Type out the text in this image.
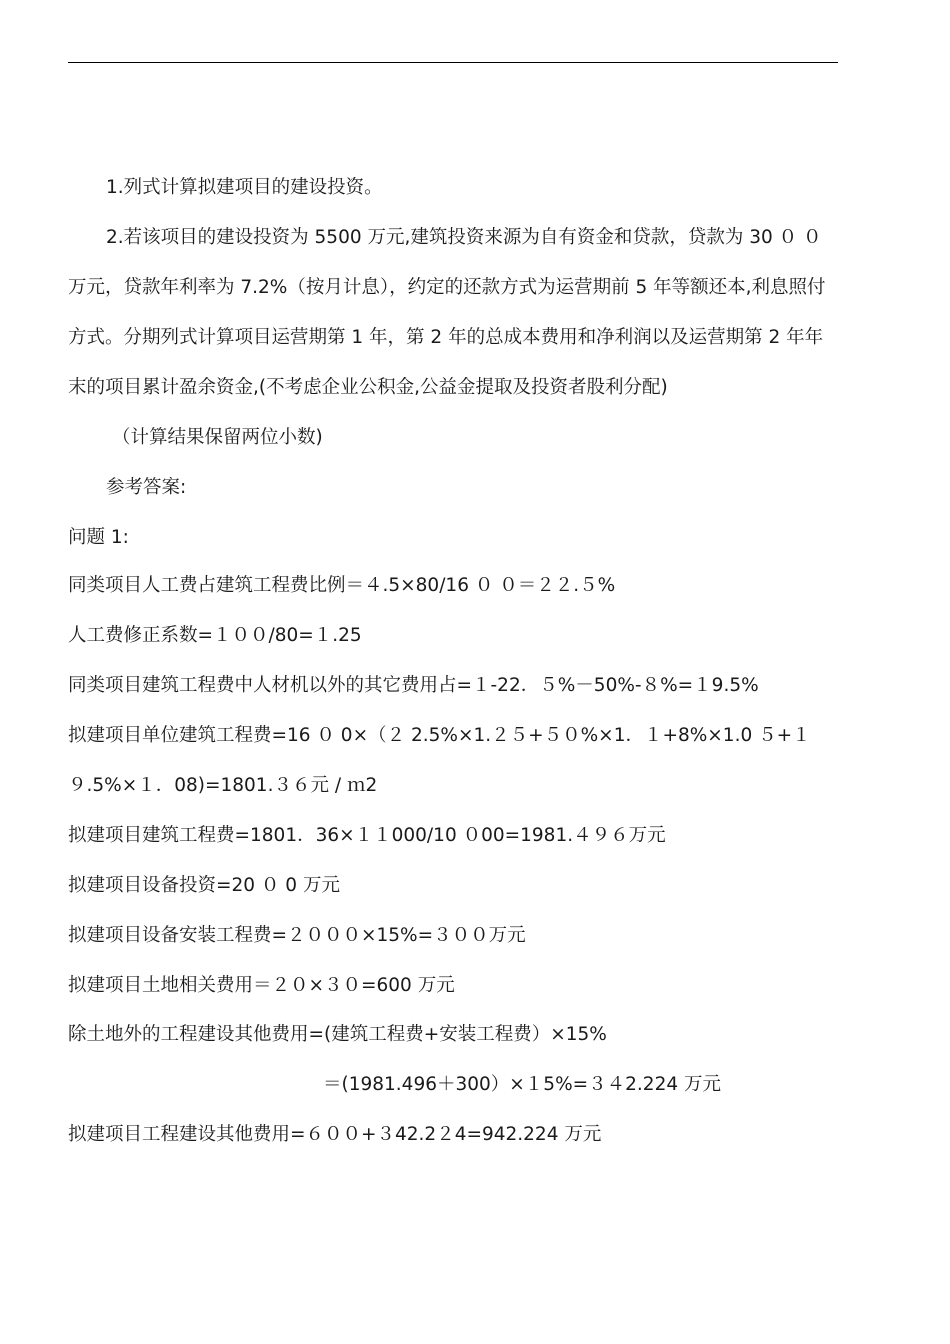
1.列式计算拟建项目的建设投资。
2.若该项目的建设投资为 5500 万元,建筑投资来源为自有资金和贷款，贷款为 30 ０ ０
万元，贷款年利率为 7.2%（按月计息），约定的还款方式为运营期前 5 年等额还本,利息照付
方式。分期列式计算项目运营期第 1 年，第 2 年的总成本费用和净利润以及运营期第 2 年年
末的项目累计盈余资金,(不考虑企业公积金,公益金提取及投资者股利分配)
（计算结果保留两位小数)
参考答案:
问题 1:
同类项目人工费占建筑工程费比例＝４.5×80/16 ０ ０＝２２.５%
人工费修正系数=１００/80=１.25
同类项目建筑工程费中人材机以外的其它费用占=１-22．５%－50%-８%=１9.5%
拟建项目单位建筑工程费=16 ０ 0×（２ 2.5%×1.２５+５０%×1．１+8%×1.0 ５+１
９.5%×１．08)=1801.３６元 / ｍ2
拟建项目建筑工程费=1801．36×１１000/10 ０00=1981.４９６万元
拟建项目设备投资=20 ０ 0 万元
拟建项目设备安装工程费=２０００×15%=３００万元
拟建项目土地相关费用＝２０×３０=600 万元
除土地外的工程建设其他费用=(建筑工程费+安装工程费）×15%
＝(1981.496＋300）×１5%=３４2.224 万元
拟建项目工程建设其他费用=６００+３42.2２4=942.224 万元
